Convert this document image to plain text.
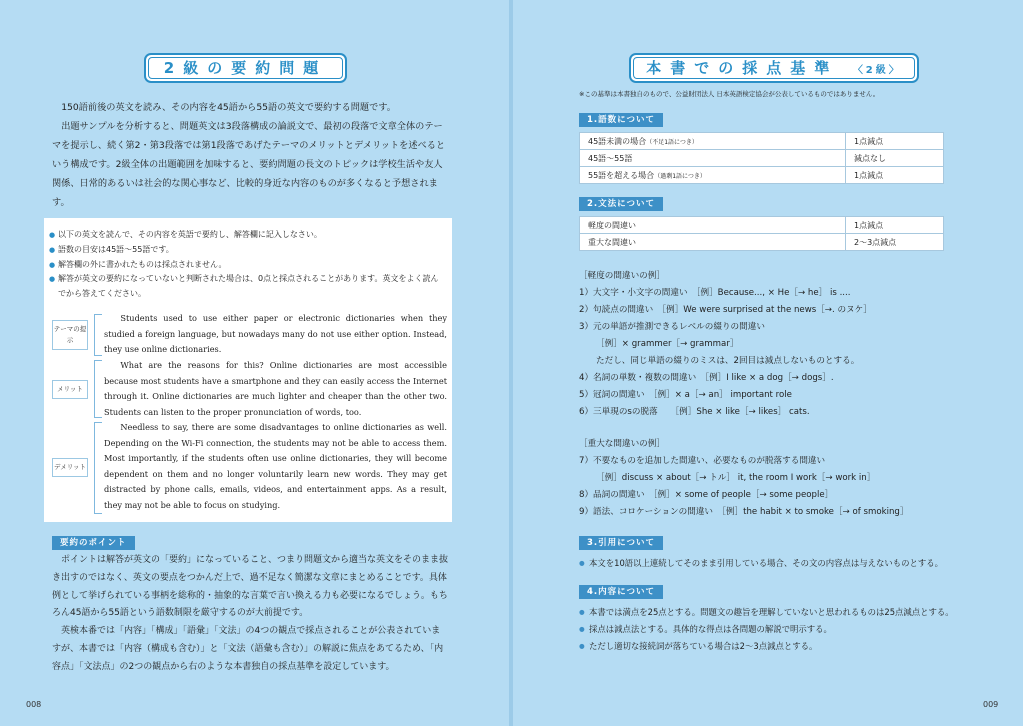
2級の要約問題

150語前後の英文を読み、その内容を45語から55語の英文で要約する問題です。

出題サンプルを分析すると、問題英文は3段落構成の論説文で、最初の段落で文章全体のテーマを提示し、続く第2・第3段落では第1段落であげたテーマのメリットとデメリットを述べるという構成です。2級全体の出題範囲を加味すると、要約問題の長文のトピックは学校生活や友人関係、日常的あるいは社会的な関心事など、比較的身近な内容のものが多くなると予想されます。

● 以下の英文を読んで、その内容を英語で要約し、解答欄に記入しなさい。
● 語数の目安は45語～55語です。
● 解答欄の外に書かれたものは採点されません。
● 解答が英文の要約になっていないと判断された場合は、0点と採点されることがあります。英文をよく読んでから答えてください。
テーマの提示

Students used to use either paper or electronic dictionaries when they studied a foreign language, but nowadays many do not use either option. Instead, they use online dictionaries.

メリット

What are the reasons for this? Online dictionaries are most accessible because most students have a smartphone and they can easily access the Internet through it. Online dictionaries are much lighter and cheaper than the other two. Students can listen to the proper pronunciation of words, too.

デメリット

Needless to say, there are some disadvantages to online dictionaries as well. Depending on the Wi-Fi connection, the students may not be able to access them. Most importantly, if the students often use online dictionaries, they will become dependent on them and no longer voluntarily learn new words. They may get distracted by phone calls, emails, videos, and entertainment apps. As a result, they may not be able to focus on studying.

要約のポイント

ポイントは解答が英文の「要約」になっていること、つまり問題文から適当な英文をそのまま抜き出すのではなく、英文の要点をつかんだ上で、過不足なく簡潔な文章にまとめることです。具体例として挙げられている事柄を総称的・抽象的な言葉で言い換える力も必要になるでしょう。もちろん45語から55語という語数制限を厳守するのが大前提です。

英検本番では「内容」「構成」「語彙」「文法」の4つの観点で採点されることが公表されていますが、本書では「内容（構成も含む）」と「文法（語彙も含む）」の解説に焦点をあてるため、「内容点」「文法点」の2つの観点から右のような本書独自の採点基準を設定しています。

008
本書での採点基準 〈2級〉
※この基準は本書独自のもので、公益財団法人 日本英語検定協会が公表しているものではありません。
1.語数について
45語未満の場合（不足1語につき）	1点減点
45語～55語	減点なし
55語を超える場合（過剰1語につき）	1点減点
2.文法について
軽度の間違い	1点減点
重大な間違い	2～3点減点
［軽度の間違いの例］
1）大文字・小文字の間違い　［例］Because..., × He［→ he］ is ....
2）句読点の間違い　［例］We were surprised at the news［→. のヌケ］
3）元の単語が推測できるレベルの綴りの間違い
［例］× grammer［→ grammar］
ただし、同じ単語の綴りのミスは、2回目は減点しないものとする。
4）名詞の単数・複数の間違い　［例］I like × a dog［→ dogs］.
5）冠詞の間違い　［例］× a［→ an］ important role
6）三単現のsの脱落　　［例］She × like［→ likes］ cats.
［重大な間違いの例］
7）不要なものを追加した間違い、必要なものが脱落する間違い
［例］discuss × about［→ トル］ it, the room I work［→ work in］
8）品詞の間違い　［例］× some of people［→ some people］
9）語法、コロケーションの間違い　［例］the habit × to smoke［→ of smoking］
3.引用について
● 本文を10語以上連続してそのまま引用している場合、その文の内容点は与えないものとする。
4.内容について
● 本書では満点を25点とする。問題文の趣旨を理解していないと思われるものは25点減点とする。
● 採点は減点法とする。具体的な得点は各問題の解説で明示する。
● ただし適切な接続詞が落ちている場合は2～3点減点とする。
009
